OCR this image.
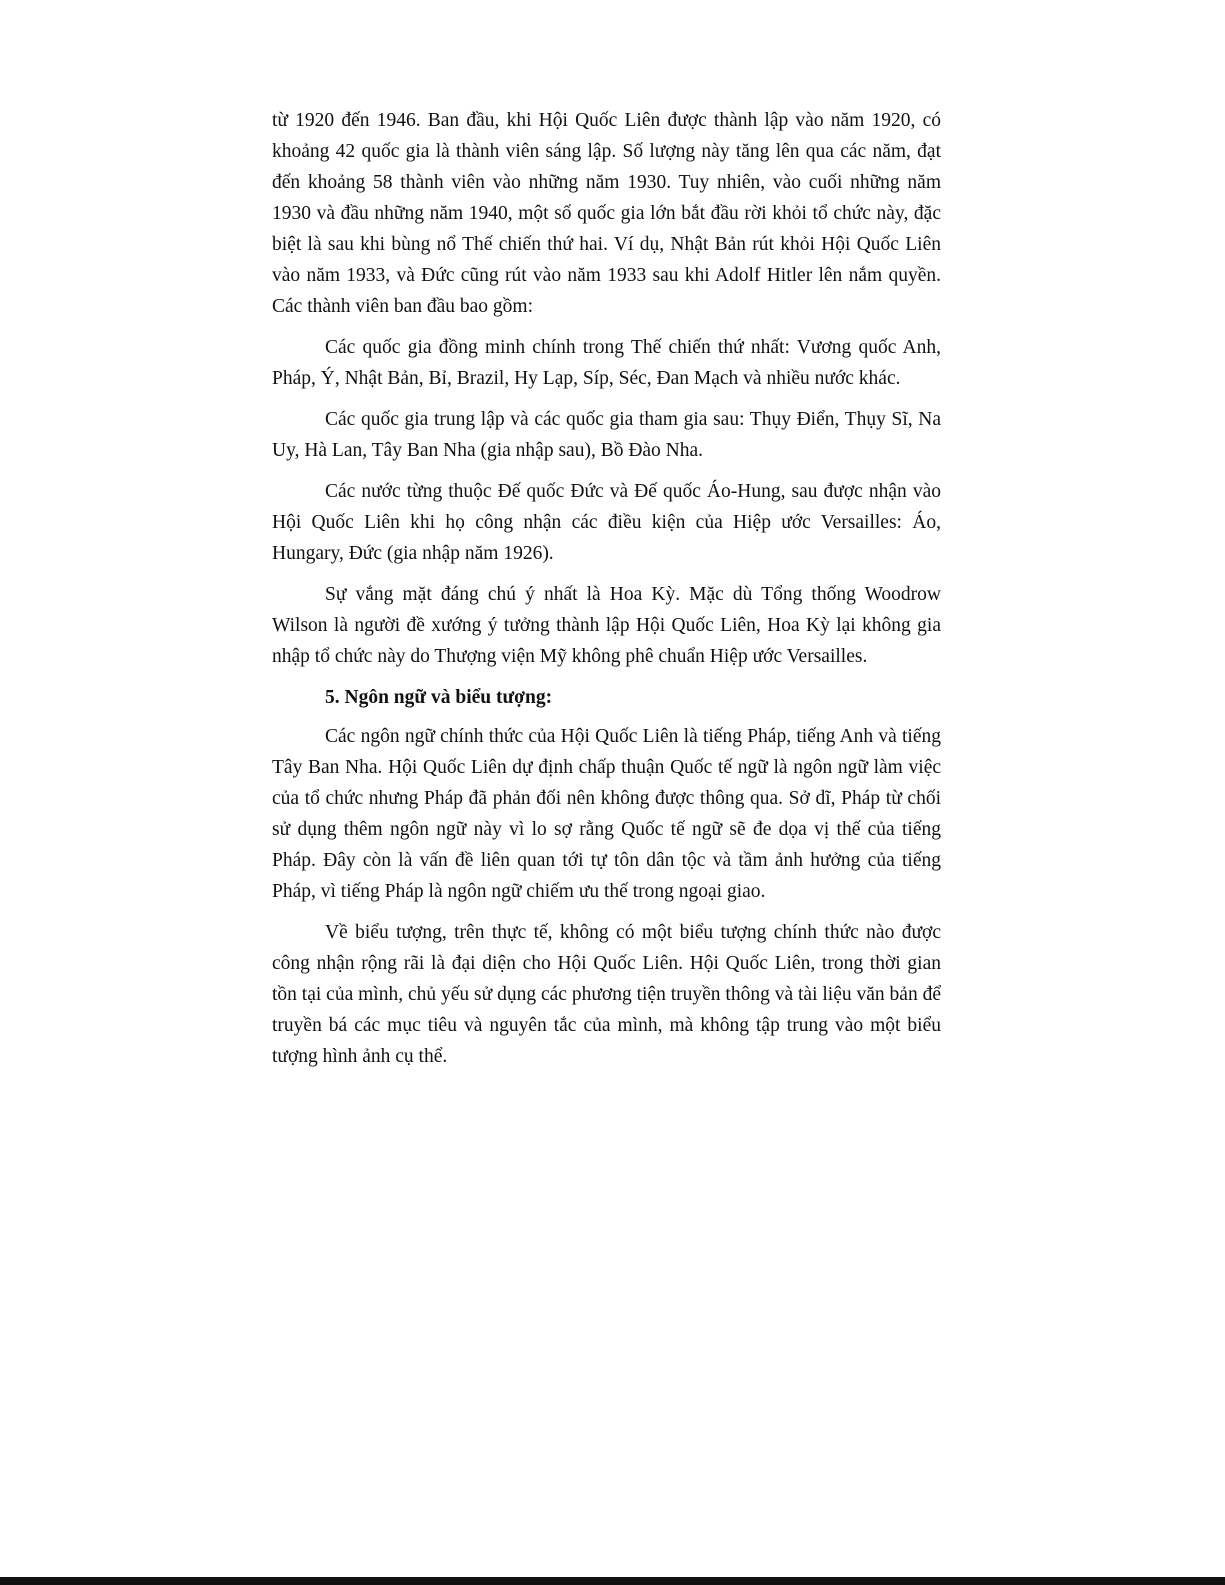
từ 1920 đến 1946. Ban đầu, khi Hội Quốc Liên được thành lập vào năm 1920, có khoảng 42 quốc gia là thành viên sáng lập. Số lượng này tăng lên qua các năm, đạt đến khoảng 58 thành viên vào những năm 1930. Tuy nhiên, vào cuối những năm 1930 và đầu những năm 1940, một số quốc gia lớn bắt đầu rời khỏi tổ chức này, đặc biệt là sau khi bùng nổ Thế chiến thứ hai. Ví dụ, Nhật Bản rút khỏi Hội Quốc Liên vào năm 1933, và Đức cũng rút vào năm 1933 sau khi Adolf Hitler lên nắm quyền. Các thành viên ban đầu bao gồm:

Các quốc gia đồng minh chính trong Thế chiến thứ nhất: Vương quốc Anh, Pháp, Ý, Nhật Bản, Bỉ, Brazil, Hy Lạp, Síp, Séc, Đan Mạch và nhiều nước khác.

Các quốc gia trung lập và các quốc gia tham gia sau: Thụy Điển, Thụy Sĩ, Na Uy, Hà Lan, Tây Ban Nha (gia nhập sau), Bồ Đào Nha.

Các nước từng thuộc Đế quốc Đức và Đế quốc Áo-Hung, sau được nhận vào Hội Quốc Liên khi họ công nhận các điều kiện của Hiệp ước Versailles: Áo, Hungary, Đức (gia nhập năm 1926).

Sự vắng mặt đáng chú ý nhất là Hoa Kỳ. Mặc dù Tổng thống Woodrow Wilson là người đề xướng ý tưởng thành lập Hội Quốc Liên, Hoa Kỳ lại không gia nhập tổ chức này do Thượng viện Mỹ không phê chuẩn Hiệp ước Versailles.

5. Ngôn ngữ và biểu tượng:

Các ngôn ngữ chính thức của Hội Quốc Liên là tiếng Pháp, tiếng Anh và tiếng Tây Ban Nha. Hội Quốc Liên dự định chấp thuận Quốc tế ngữ là ngôn ngữ làm việc của tổ chức nhưng Pháp đã phản đối nên không được thông qua. Sở dĩ, Pháp từ chối sử dụng thêm ngôn ngữ này vì lo sợ rằng Quốc tế ngữ sẽ đe dọa vị thế của tiếng Pháp. Đây còn là vấn đề liên quan tới tự tôn dân tộc và tầm ảnh hưởng của tiếng Pháp, vì tiếng Pháp là ngôn ngữ chiếm ưu thế trong ngoại giao.

Về biểu tượng, trên thực tế, không có một biểu tượng chính thức nào được công nhận rộng rãi là đại diện cho Hội Quốc Liên. Hội Quốc Liên, trong thời gian tồn tại của mình, chủ yếu sử dụng các phương tiện truyền thông và tài liệu văn bản để truyền bá các mục tiêu và nguyên tắc của mình, mà không tập trung vào một biểu tượng hình ảnh cụ thể.
